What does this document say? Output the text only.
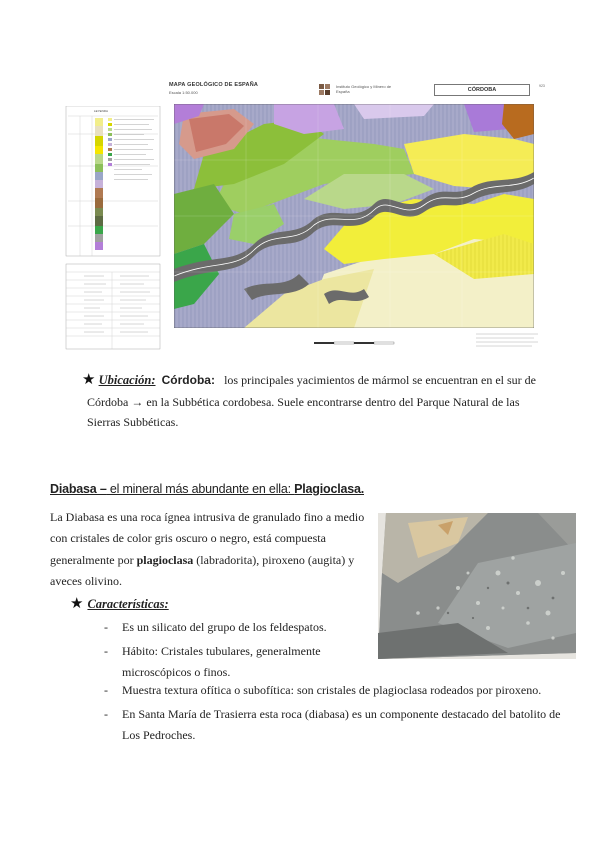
LEYENDA
MAPA GEOLÓGICO DE ESPAÑA
Escala 1:50.000
Instituto Geológico y Minero de España	CÓRDOBA
923
★ Ubicación: Córdoba: los principales yacimientos de mármol se encuentran en el sur de
Córdoba → en la Subbética cordobesa. Suele encontrarse dentro del Parque Natural de las
Sierras Subbéticas.
Diabasa – el mineral más abundante en ella: Plagioclasa.
La Diabasa es una roca ígnea intrusiva de granulado fino a medio con cristales de color gris oscuro o negro, está compuesta generalmente por plagioclasa (labradorita), piroxeno (augita) y aveces olivino.
★ Características:
- Es un silicato del grupo de los feldespatos.
- Hábito: Cristales tubulares, generalmente microscópicos o finos.
- Muestra textura ofítica o subofítica: son cristales de plagioclasa rodeados por piroxeno.
- En Santa María de Trasierra esta roca (diabasa) es un componente destacado del batolito de Los Pedroches.
